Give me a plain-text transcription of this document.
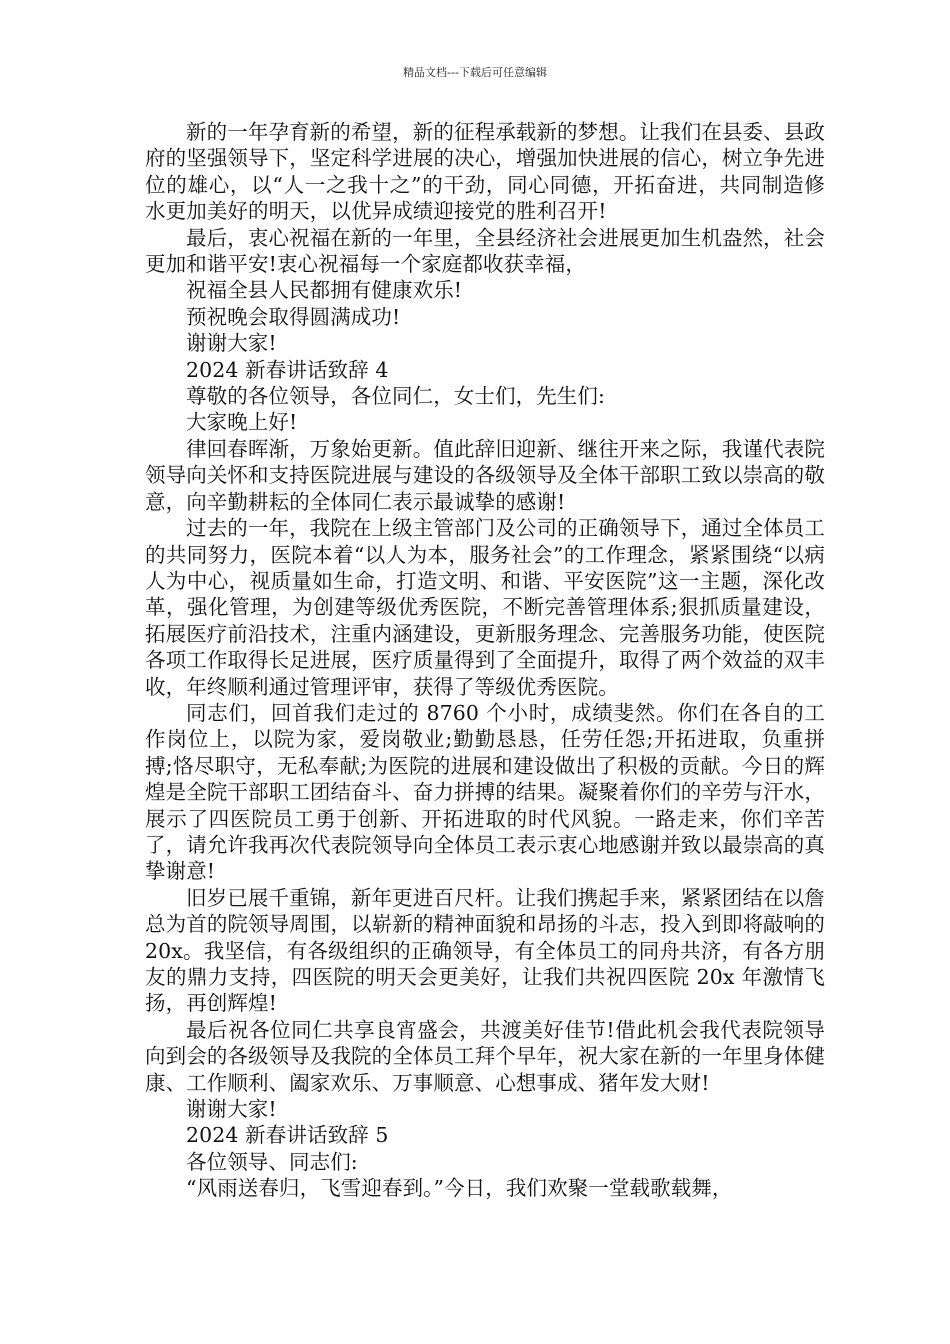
精品文档---下载后可任意编辑

新的一年孕育新的希望，新的征程承载新的梦想。让我们在县委、县政府的坚强领导下，坚定科学进展的决心，增强加快进展的信心，树立争先进位的雄心，以“人一之我十之”的干劲，同心同德，开拓奋进，共同制造修水更加美好的明天，以优异成绩迎接党的胜利召开!

最后，衷心祝福在新的一年里，全县经济社会进展更加生机盎然，社会更加和谐平安!衷心祝福每一个家庭都收获幸福，

祝福全县人民都拥有健康欢乐!

预祝晚会取得圆满成功!

谢谢大家!

2024 新春讲话致辞 4

尊敬的各位领导，各位同仁，女士们，先生们:

大家晚上好!

律回春晖渐，万象始更新。值此辞旧迎新、继往开来之际，我谨代表院领导向关怀和支持医院进展与建设的各级领导及全体干部职工致以崇高的敬意，向辛勤耕耘的全体同仁表示最诚挚的感谢!

过去的一年，我院在上级主管部门及公司的正确领导下，通过全体员工的共同努力，医院本着“以人为本，服务社会”的工作理念，紧紧围绕“以病人为中心，视质量如生命，打造文明、和谐、平安医院”这一主题，深化改革，强化管理，为创建等级优秀医院，不断完善管理体系;狠抓质量建设，拓展医疗前沿技术，注重内涵建设，更新服务理念、完善服务功能，使医院各项工作取得长足进展，医疗质量得到了全面提升，取得了两个效益的双丰收，年终顺利通过管理评审，获得了等级优秀医院。

同志们，回首我们走过的 8760 个小时，成绩斐然。你们在各自的工作岗位上，以院为家，爱岗敬业;勤勤恳恳，任劳任怨;开拓进取，负重拼搏;恪尽职守，无私奉献;为医院的进展和建设做出了积极的贡献。今日的辉煌是全院干部职工团结奋斗、奋力拼搏的结果。凝聚着你们的辛劳与汗水，展示了四医院员工勇于创新、开拓进取的时代风貌。一路走来，你们辛苦了，请允许我再次代表院领导向全体员工表示衷心地感谢并致以最崇高的真挚谢意!

旧岁已展千重锦，新年更进百尺杆。让我们携起手来，紧紧团结在以詹总为首的院领导周围，以崭新的精神面貌和昂扬的斗志，投入到即将敲响的 20x。我坚信，有各级组织的正确领导，有全体员工的同舟共济，有各方朋友的鼎力支持，四医院的明天会更美好，让我们共祝四医院 20x 年激情飞扬，再创辉煌!

最后祝各位同仁共享良宵盛会，共渡美好佳节!借此机会我代表院领导向到会的各级领导及我院的全体员工拜个早年，祝大家在新的一年里身体健康、工作顺利、阖家欢乐、万事顺意、心想事成、猪年发大财!

谢谢大家!

2024 新春讲话致辞 5

各位领导、同志们:

“风雨送春归，飞雪迎春到。”今日，我们欢聚一堂载歌载舞，
